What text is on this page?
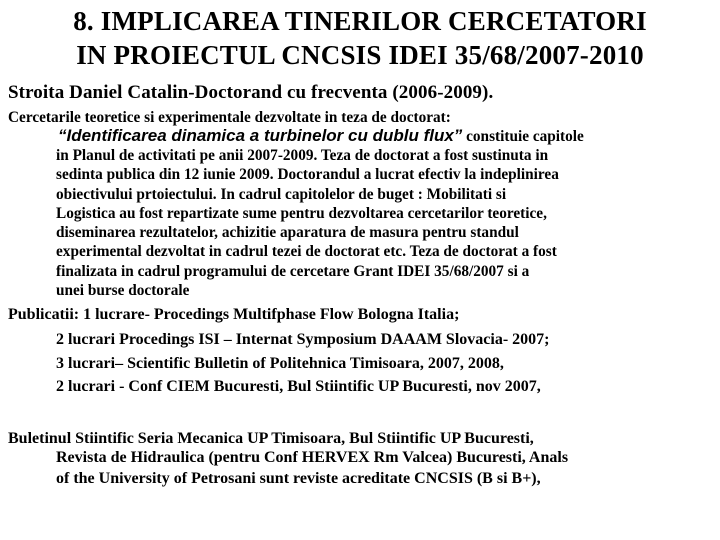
8. IMPLICAREA TINERILOR CERCETATORI
IN PROIECTUL CNCSIS IDEI 35/68/2007-2010
Stroita Daniel Catalin-Doctorand cu frecventa (2006-2009).
Cercetarile teoretice si experimentale dezvoltate in teza de doctorat:
“Identificarea dinamica a turbinelor cu dublu flux” constituie capitole
in Planul de activitati pe anii 2007-2009. Teza de doctorat a fost sustinuta in
sedinta publica din 12 iunie 2009. Doctorandul a lucrat efectiv la indeplinirea
obiectivului prtoiectului. In cadrul capitolelor de buget : Mobilitati si
Logistica au fost repartizate sume pentru dezvoltarea cercetarilor teoretice,
diseminarea rezultatelor, achizitie aparatura de masura pentru standul
experimental dezvoltat in cadrul tezei de doctorat etc. Teza de doctorat a fost
finalizata in cadrul programului de cercetare Grant IDEI 35/68/2007 si a
unei burse doctorale
Publicatii: 1 lucrare- Procedings Multifphase Flow Bologna Italia;
2 lucrari Procedings ISI – Internat Symposium DAAAM Slovacia- 2007;
3 lucrari– Scientific Bulletin of Politehnica Timisoara, 2007, 2008,
2 lucrari - Conf CIEM Bucuresti, Bul Stiintific UP Bucuresti, nov 2007,
Buletinul Stiintific Seria Mecanica UP Timisoara, Bul Stiintific UP Bucuresti,
Revista de Hidraulica (pentru Conf HERVEX Rm Valcea) Bucuresti, Anals
of the University of Petrosani sunt reviste acreditate CNCSIS (B si B+),
